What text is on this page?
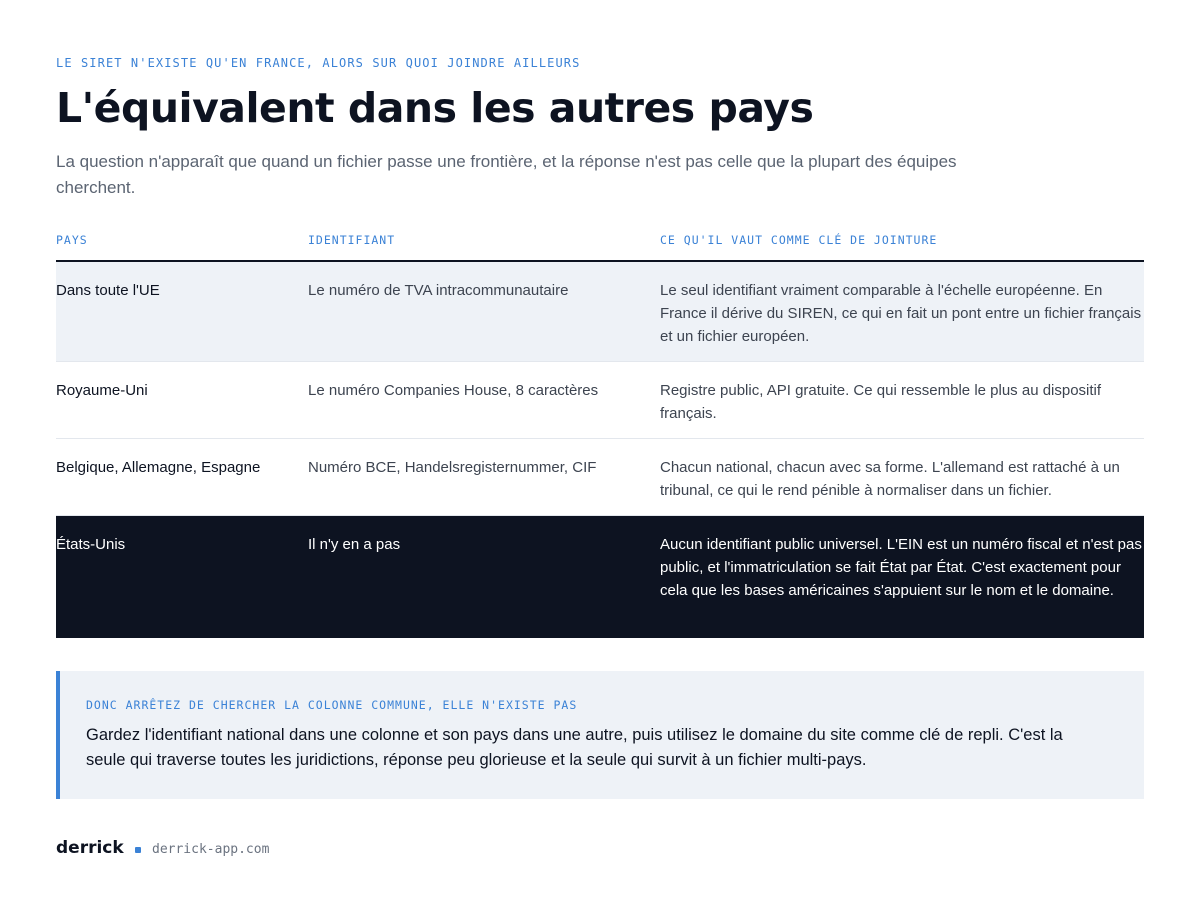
LE SIRET N'EXISTE QU'EN FRANCE, ALORS SUR QUOI JOINDRE AILLEURS
L'équivalent dans les autres pays

La question n'apparaît que quand un fichier passe une frontière, et la réponse n'est pas celle que la plupart des équipes cherchent.

PAYS	IDENTIFIANT	CE QU'IL VAUT COMME CLÉ DE JOINTURE
Dans toute l'UE	Le numéro de TVA intracommunautaire	Le seul identifiant vraiment comparable à l'échelle européenne. En France il dérive du SIREN, ce qui en fait un pont entre un fichier français et un fichier européen.
Royaume-Uni	Le numéro Companies House, 8 caractères	Registre public, API gratuite. Ce qui ressemble le plus au dispositif français.
Belgique, Allemagne, Espagne	Numéro BCE, Handelsregisternummer, CIF	Chacun national, chacun avec sa forme. L'allemand est rattaché à un tribunal, ce qui le rend pénible à normaliser dans un fichier.
États-Unis	Il n'y en a pas	Aucun identifiant public universel. L'EIN est un numéro fiscal et n'est pas public, et l'immatriculation se fait État par État. C'est exactement pour cela que les bases américaines s'appuient sur le nom et le domaine.
DONC ARRÊTEZ DE CHERCHER LA COLONNE COMMUNE, ELLE N'EXISTE PAS

Gardez l'identifiant national dans une colonne et son pays dans une autre, puis utilisez le domaine du site comme clé de repli. C'est la seule qui traverse toutes les juridictions, réponse peu glorieuse et la seule qui survit à un fichier multi-pays.

derrick derrick-app.com
